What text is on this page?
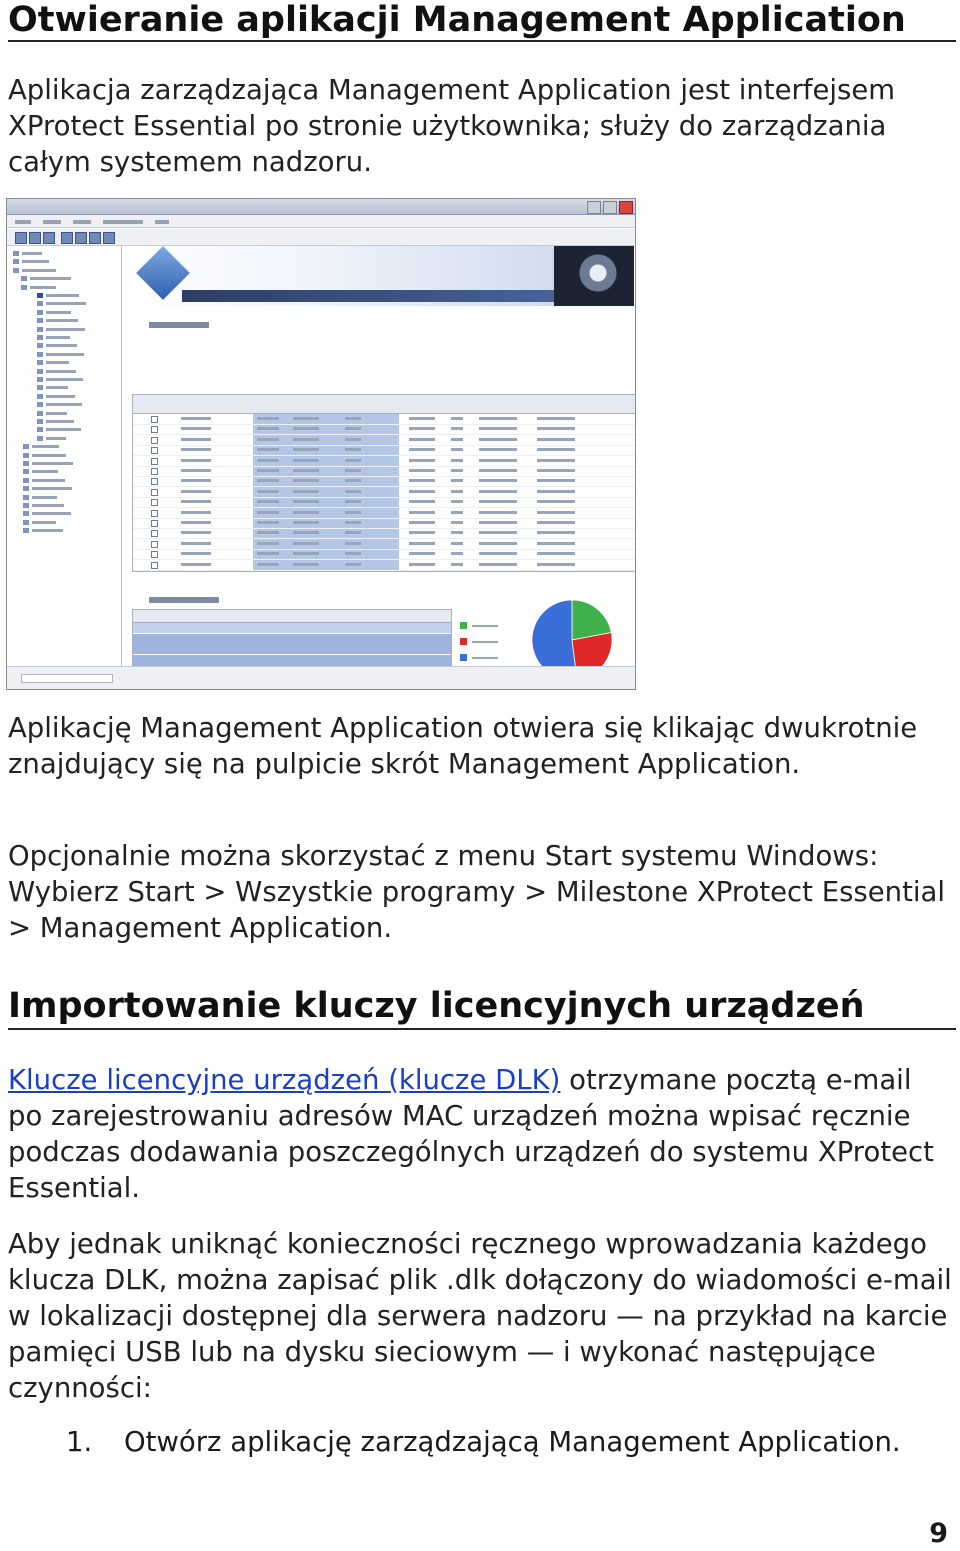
Otwieranie aplikacji Management Application

Aplikacja zarządzająca Management Application jest interfejsem XProtect Essential po stronie użytkownika; służy do zarządzania całym systemem nadzoru.

Aplikację Management Application otwiera się klikając dwukrotnie znajdujący się na pulpicie skrót Management Application.

Opcjonalnie można skorzystać z menu Start systemu Windows: Wybierz Start > Wszystkie programy > Milestone XProtect Essential > Management Application.

Importowanie kluczy licencyjnych urządzeń

Klucze licencyjne urządzeń (klucze DLK) otrzymane pocztą e-mail po zarejestrowaniu adresów MAC urządzeń można wpisać ręcznie podczas dodawania poszczególnych urządzeń do systemu XProtect Essential.

Aby jednak uniknąć konieczności ręcznego wprowadzania każdego klucza DLK, można zapisać plik .dlk dołączony do wiadomości e-mail w lokalizacji dostępnej dla serwera nadzoru — na przykład na karcie pamięci USB lub na dysku sieciowym — i wykonać następujące czynności:

1. Otwórz aplikację zarządzającą Management Application.
9
